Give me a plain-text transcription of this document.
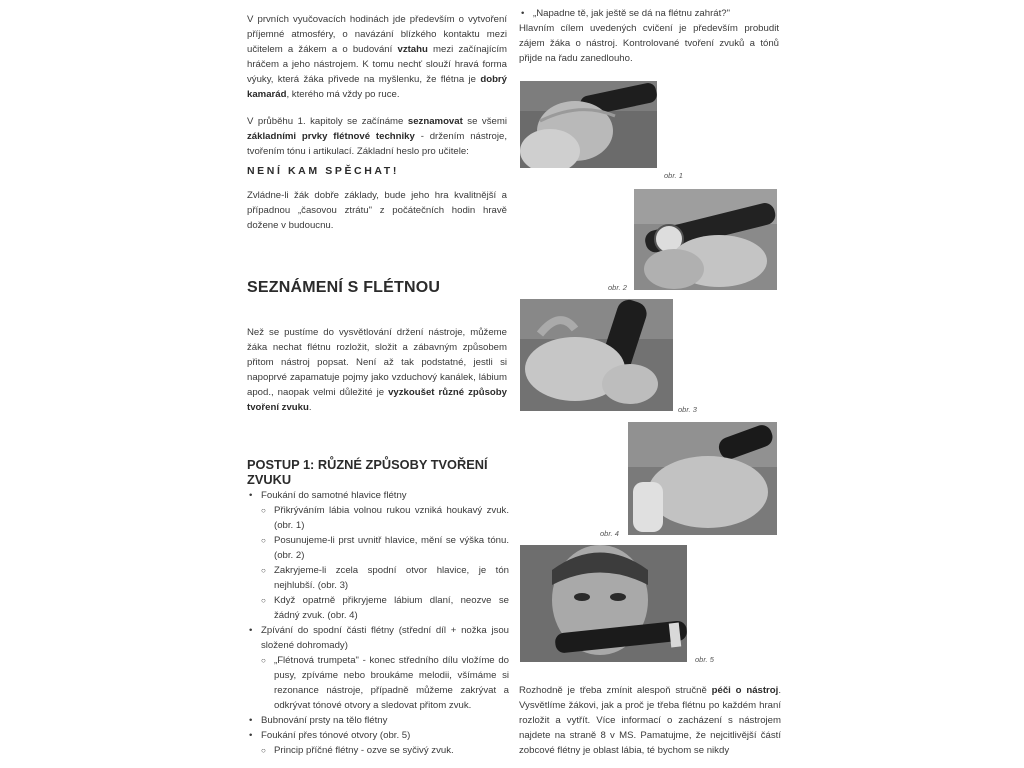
V prvních vyučovacích hodinách jde především o vytvoření příjemné atmosféry, o navázání blízkého kontaktu mezi učitelem a žákem a o budování vztahu mezi začínajícím hráčem a jeho nástrojem. K tomu nechť slouží hravá forma výuky, která žáka přivede na myšlenku, že flétna je dobrý kamarád, kterého má vždy po ruce.

V průběhu 1. kapitoly se začínáme seznamovat se všemi základními prvky flétnové techniky - držením nástroje, tvořením tónu i artikulací. Základní heslo pro učitele:

NENÍ KAM SPĚCHAT!

Zvládne-li žák dobře základy, bude jeho hra kvalitnější a případnou „časovou ztrátu" z počátečních hodin hravě dožene v budoucnu.

SEZNÁMENÍ S FLÉTNOU

Než se pustíme do vysvětlování držení nástroje, můžeme žáka nechat flétnu rozložit, složit a zábavným způsobem přitom nástroj popsat. Není až tak podstatné, jestli si napoprvé zapamatuje pojmy jako vzduchový kanálek, lábium apod., naopak velmi důležité je vyzkoušet různé způsoby tvoření zvuku.

POSTUP 1: RŮZNÉ ZPŮSOBY TVOŘENÍ ZVUKU
• Foukání do samotné hlavice flétny
○ Přikrýváním lábia volnou rukou vzniká houkavý zvuk. (obr. 1)
○ Posunujeme-li prst uvnitř hlavice, mění se výška tónu. (obr. 2)
○ Zakryjeme-li zcela spodní otvor hlavice, je tón nejhlubší. (obr. 3)
○ Když opatrně přikryjeme lábium dlaní, neozve se žádný zvuk. (obr. 4)
• Zpívání do spodní části flétny (střední díl + nožka jsou složené dohromady)
○ „Flétnová trumpeta" - konec středního dílu vložíme do pusy, zpíváme nebo broukáme melodii, všímáme si rezonance nástroje, případně můžeme zakrývat a odkrývat tónové otvory a sledovat přitom zvuk.
• Bubnování prsty na tělo flétny
• Foukání přes tónové otvory (obr. 5)
○ Princip příčné flétny - ozve se syčivý zvuk.

• „Napadne tě, jak ještě se dá na flétnu zahrát?"

Hlavním cílem uvedených cvičení je především probudit zájem žáka o nástroj. Kontrolované tvoření zvuků a tónů přijde na řadu zanedlouho.

obr. 1
obr. 2
obr. 3
obr. 4
obr. 5

Rozhodně je třeba zmínit alespoň stručně péči o nástroj. Vysvětlíme žákovi, jak a proč je třeba flétnu po každém hraní rozložit a vytřít. Více informací o zacházení s nástrojem najdete na straně 8 v MS. Pamatujme, že nejcitlivější částí zobcové flétny je oblast lábia, té bychom se nikdy
